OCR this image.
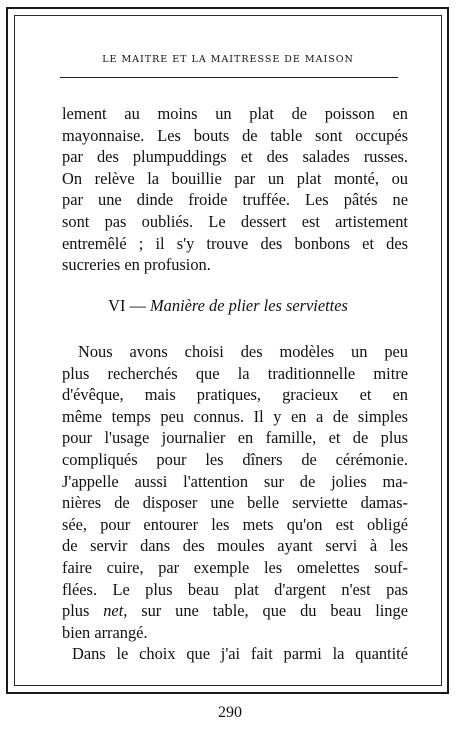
LE MAITRE ET LA MAITRESSE DE MAISON
lement au moins un plat de poisson en
mayonnaise. Les bouts de table sont occupés
par des plumpuddings et des salades russes.
On relève la bouillie par un plat monté, ou
par une dinde froide truffée. Les pâtés ne
sont pas oubliés. Le dessert est artistement
entremêlé ; il s'y trouve des bonbons et des
sucreries en profusion.
VI — Manière de plier les serviettes
Nous avons choisi des modèles un peu
plus recherchés que la traditionnelle mitre
d'évêque, mais pratiques, gracieux et en
même temps peu connus. Il y en a de simples
pour l'usage journalier en famille, et de plus
compliqués pour les dîners de cérémonie.
J'appelle aussi l'attention sur de jolies ma-
nières de disposer une belle serviette damas-
sée, pour entourer les mets qu'on est obligé
de servir dans des moules ayant servi à les
faire cuire, par exemple les omelettes souf-
flées. Le plus beau plat d'argent n'est pas
plus net, sur une table, que du beau linge
bien arrangé.
Dans le choix que j'ai fait parmi la quantité
290
